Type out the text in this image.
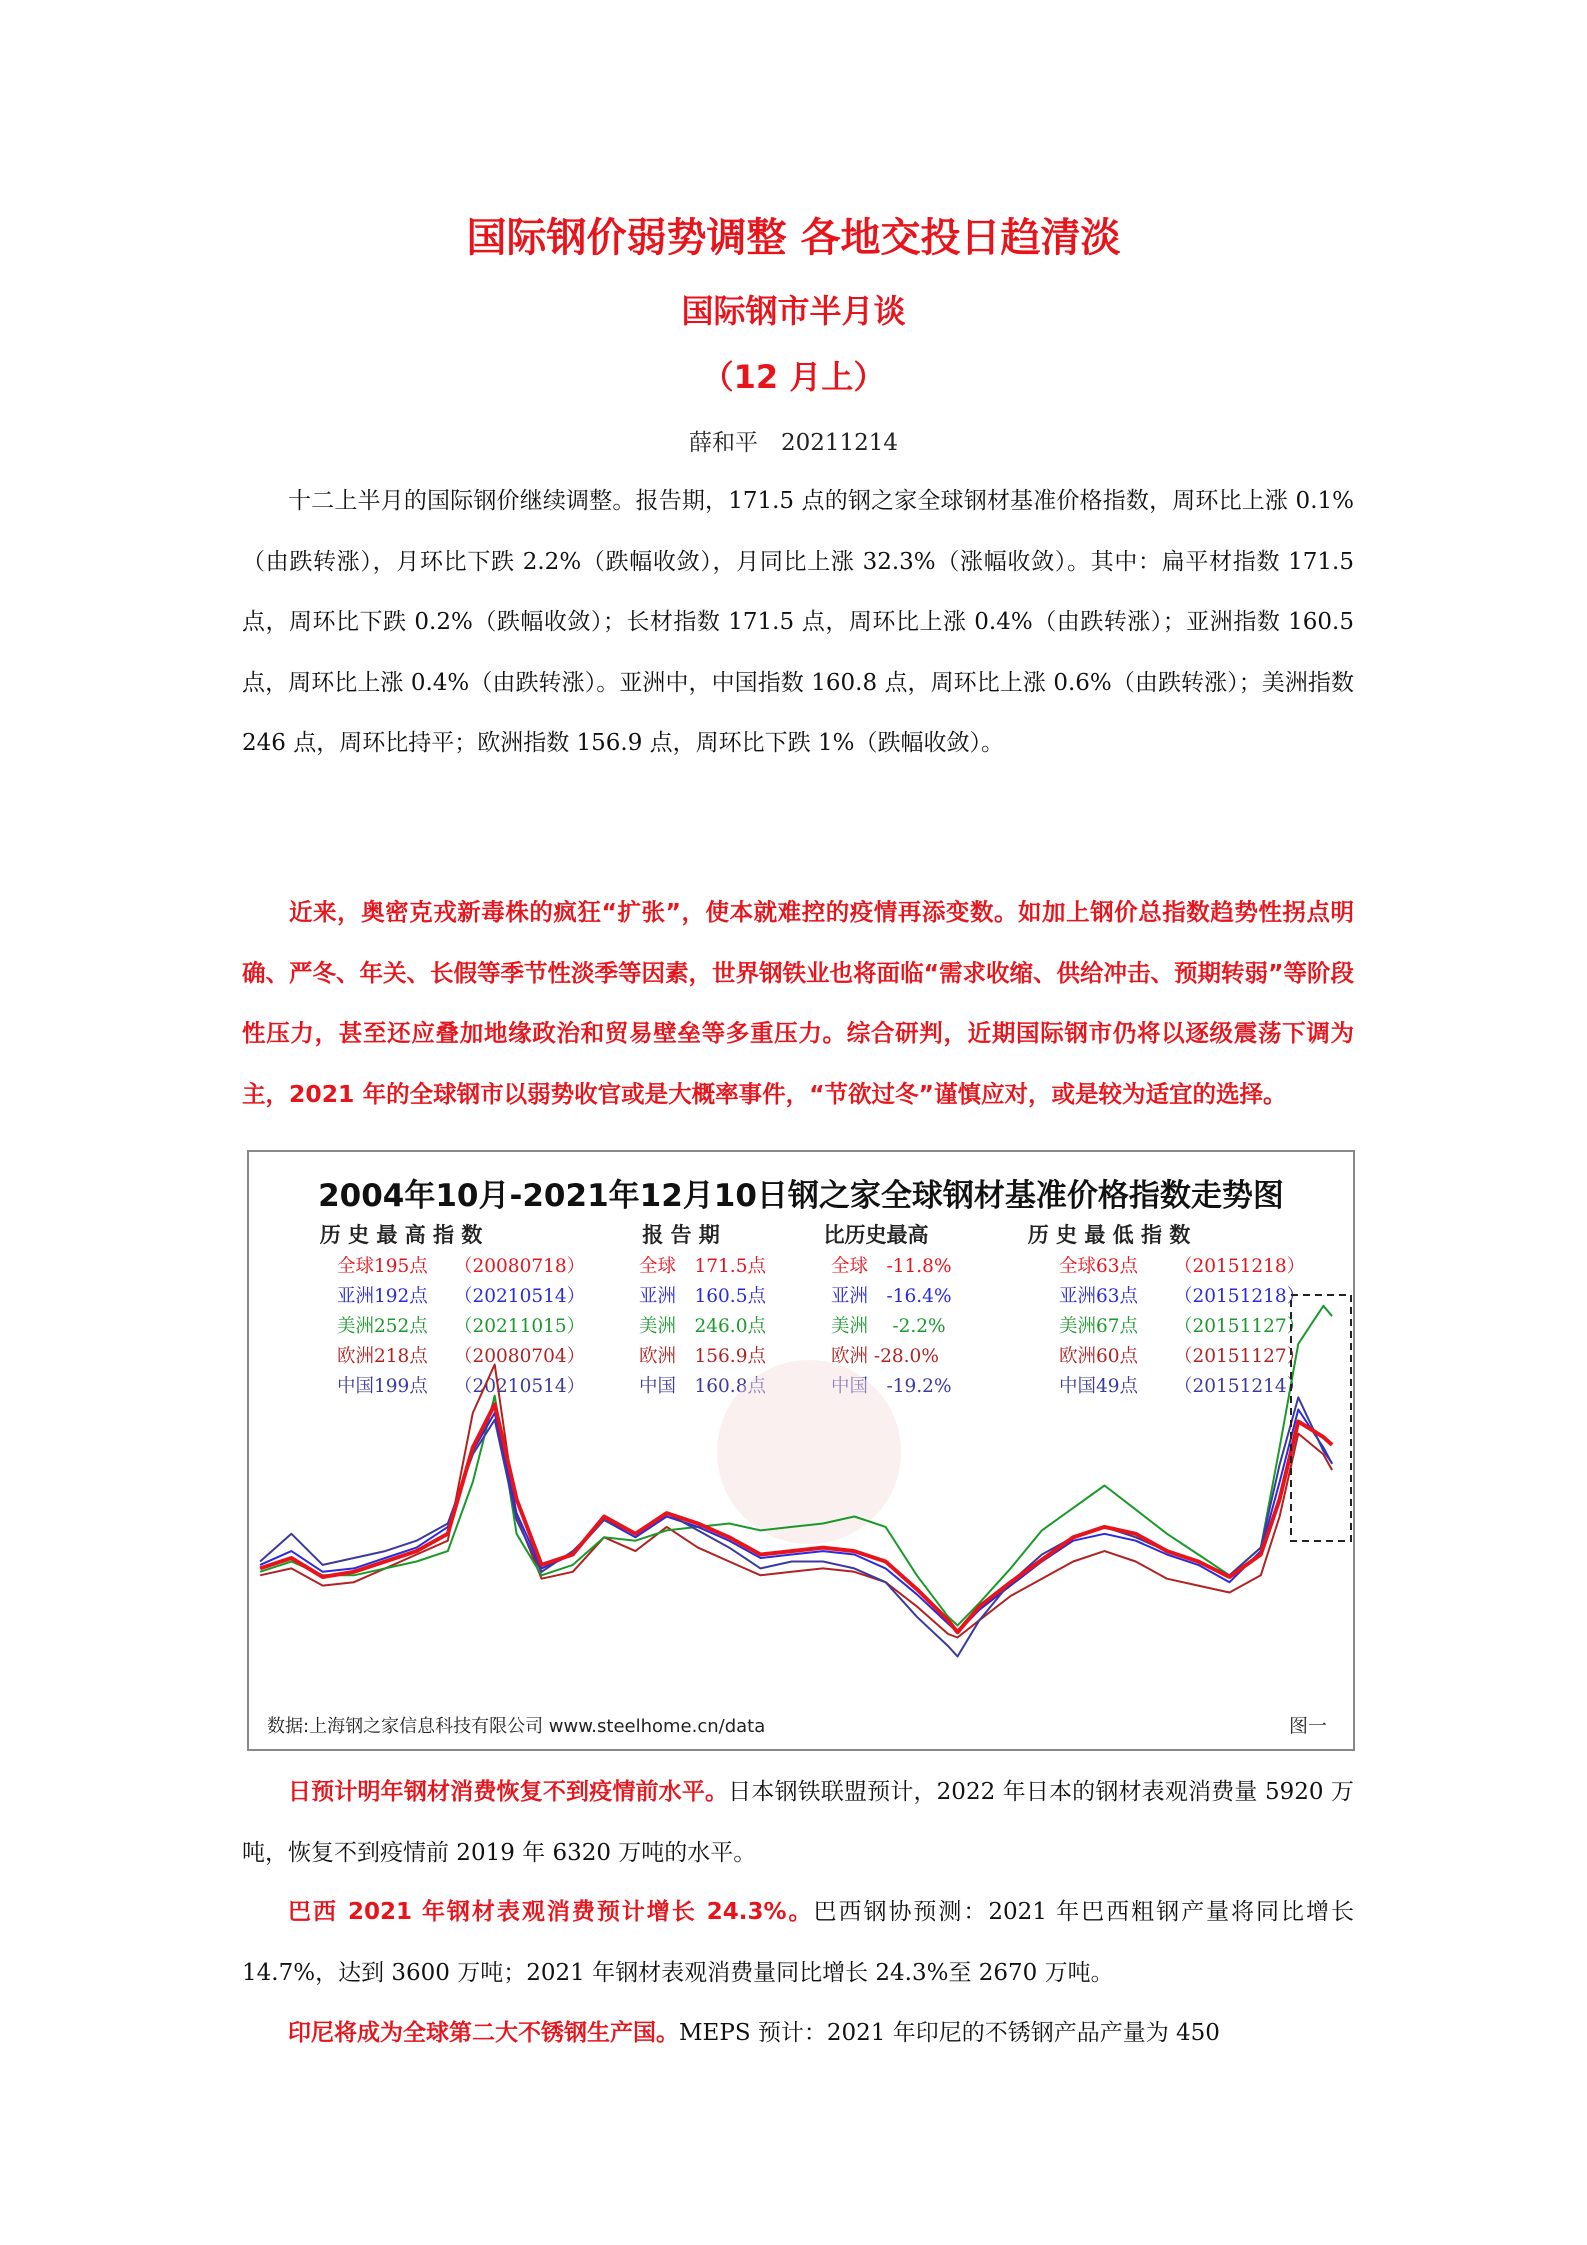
国际钢价弱势调整 各地交投日趋清淡
国际钢市半月谈
（12 月上）
薛和平　20211214

十二上半月的国际钢价继续调整。报告期，171.5 点的钢之家全球钢材基准价格指数，周环比上涨 0.1%（由跌转涨），月环比下跌 2.2%（跌幅收敛），月同比上涨 32.3%（涨幅收敛）。其中：扁平材指数 171.5 点，周环比下跌 0.2%（跌幅收敛）；长材指数 171.5 点，周环比上涨 0.4%（由跌转涨）；亚洲指数 160.5 点，周环比上涨 0.4%（由跌转涨）。亚洲中，中国指数 160.8 点，周环比上涨 0.6%（由跌转涨）；美洲指数 246 点，周环比持平；欧洲指数 156.9 点，周环比下跌 1%（跌幅收敛）。

近来，奥密克戎新毒株的疯狂“扩张”，使本就难控的疫情再添变数。如加上钢价总指数趋势性拐点明确、严冬、年关、长假等季节性淡季等因素，世界钢铁业也将面临“需求收缩、供给冲击、预期转弱”等阶段性压力，甚至还应叠加地缘政治和贸易壁垒等多重压力。综合研判，近期国际钢市仍将以逐级震荡下调为主，2021 年的全球钢市以弱势收官或是大概率事件，“节欲过冬”谨慎应对，或是较为适宜的选择。

2004年10月-2021年12月10日钢之家全球钢材基准价格指数走势图
历 史 最 高 指 数	报 告 期	比历史最高	历 史 最 低 指 数
全球195点 （20080718）	全球　171.5点	全球　-11.8%	全球63点 （20151218）
亚洲192点 （20210514）	亚洲　160.5点	亚洲　-16.4%	亚洲63点 （20151218）
美洲252点 （20211015）	美洲　246.0点	美洲　 -2.2%	美洲67点 （20151127）
欧洲218点 （20080704）	欧洲　156.9点	欧洲 -28.0%	欧洲60点 （20151127）
中国199点 （20210514）	中国　160.8点	中国　-19.2%	中国49点 （20151214）
数据:上海钢之家信息科技有限公司 www.steelhome.cn/data	图一

日预计明年钢材消费恢复不到疫情前水平。日本钢铁联盟预计，2022 年日本的钢材表观消费量 5920 万吨，恢复不到疫情前 2019 年 6320 万吨的水平。

巴西 2021 年钢材表观消费预计增长 24.3%。巴西钢协预测：2021 年巴西粗钢产量将同比增长 14.7%，达到 3600 万吨；2021 年钢材表观消费量同比增长 24.3%至 2670 万吨。

印尼将成为全球第二大不锈钢生产国。MEPS 预计：2021 年印尼的不锈钢产品产量为 450
